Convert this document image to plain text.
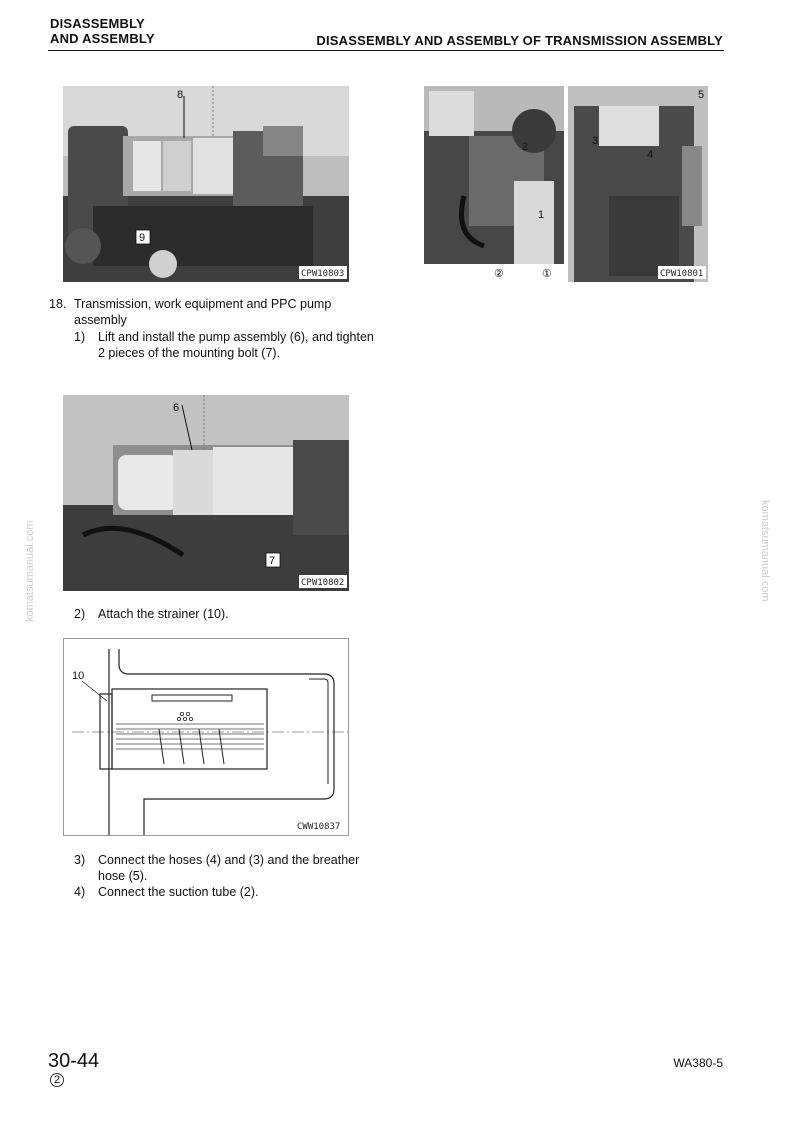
DISASSEMBLY
AND ASSEMBLY	DISASSEMBLY AND ASSEMBLY OF TRANSMISSION ASSEMBLY
8
9
CPW10803
2
1
②	①
5
3
4
CPW10801
18. Transmission, work equipment and PPC pump assembly
1) Lift and install the pump assembly (6), and tighten 2 pieces of the mounting bolt (7).
6
7
CPW10802
2) Attach the strainer (10).
10
CWW10837
3) Connect the hoses (4) and (3) and the breather hose (5).
4) Connect the suction tube (2).
komatsumanual.com	komatsumanual.com
30-44
2
WA380-5
